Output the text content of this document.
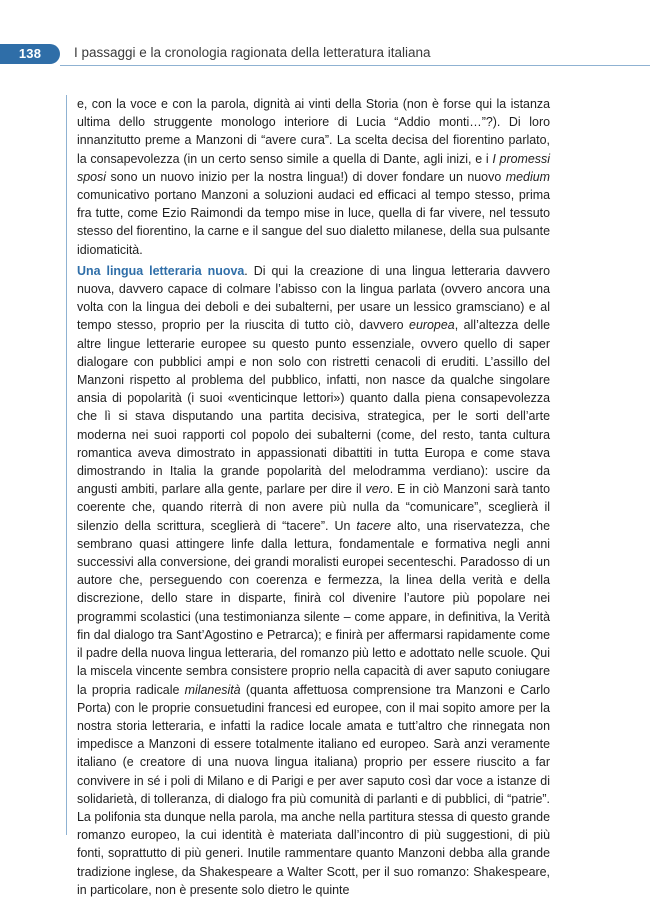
138	I passaggi e la cronologia ragionata della letteratura italiana

e, con la voce e con la parola, dignità ai vinti della Storia (non è forse qui la istanza ultima dello struggente monologo interiore di Lucia “Addio monti…”?). Di loro innanzitutto preme a Manzoni di “avere cura”. La scelta decisa del fiorentino parlato, la consapevolezza (in un certo senso simile a quella di Dante, agli inizi, e i I promessi sposi sono un nuovo inizio per la nostra lingua!) di dover fondare un nuovo medium comunicativo portano Manzoni a soluzioni audaci ed efficaci al tempo stesso, prima fra tutte, come Ezio Raimondi da tempo mise in luce, quella di far vivere, nel tessuto stesso del fiorentino, la carne e il sangue del suo dialetto milanese, della sua pulsante idiomaticità.

Una lingua letteraria nuova. Di qui la creazione di una lingua letteraria davvero nuova, davvero capace di colmare l’abisso con la lingua parlata (ovvero ancora una volta con la lingua dei deboli e dei subalterni, per usare un lessico gramsciano) e al tempo stesso, proprio per la riuscita di tutto ciò, davvero europea, all’altezza delle altre lingue letterarie europee su questo punto essenziale, ovvero quello di saper dialogare con pubblici ampi e non solo con ristretti cenacoli di eruditi. L’assillo del Manzoni rispetto al problema del pubblico, infatti, non nasce da qualche singolare ansia di popolarità (i suoi «venticinque lettori») quanto dalla piena consapevolezza che lì si stava disputando una partita decisiva, strategica, per le sorti dell’arte moderna nei suoi rapporti col popolo dei subalterni (come, del resto, tanta cultura romantica aveva dimostrato in appassionati dibattiti in tutta Europa e come stava dimostrando in Italia la grande popolarità del melodramma verdiano): uscire da angusti ambiti, parlare alla gente, parlare per dire il vero. E in ciò Manzoni sarà tanto coerente che, quando riterrà di non avere più nulla da “comunicare”, sceglierà il silenzio della scrittura, sceglierà di “tacere”. Un tacere alto, una riservatezza, che sembrano quasi attingere linfe dalla lettura, fondamentale e formativa negli anni successivi alla conversione, dei grandi moralisti europei secenteschi. Paradosso di un autore che, perseguendo con coerenza e fermezza, la linea della verità e della discrezione, dello stare in disparte, finirà col divenire l’autore più popolare nei programmi scolastici (una testimonianza silente – come appare, in definitiva, la Verità fin dal dialogo tra Sant’Agostino e Petrarca); e finirà per affermarsi rapidamente come il padre della nuova lingua letteraria, del romanzo più letto e adottato nelle scuole. Qui la miscela vincente sembra consistere proprio nella capacità di aver saputo coniugare la propria radicale milanesità (quanta affettuosa comprensione tra Manzoni e Carlo Porta) con le proprie consuetudini francesi ed europee, con il mai sopito amore per la nostra storia letteraria, e infatti la radice locale amata e tutt’altro che rinnegata non impedisce a Manzoni di essere totalmente italiano ed europeo. Sarà anzi veramente italiano (e creatore di una nuova lingua italiana) proprio per essere riuscito a far convivere in sé i poli di Milano e di Parigi e per aver saputo così dar voce a istanze di solidarietà, di tolleranza, di dialogo fra più comunità di parlanti e di pubblici, di “patrie”. La polifonia sta dunque nella parola, ma anche nella partitura stessa di questo grande romanzo europeo, la cui identità è materiata dall’incontro di più suggestioni, di più fonti, soprattutto di più generi. Inutile rammentare quanto Manzoni debba alla grande tradizione inglese, da Shakespeare a Walter Scott, per il suo romanzo: Shakespeare, in particolare, non è presente solo dietro le quinte
